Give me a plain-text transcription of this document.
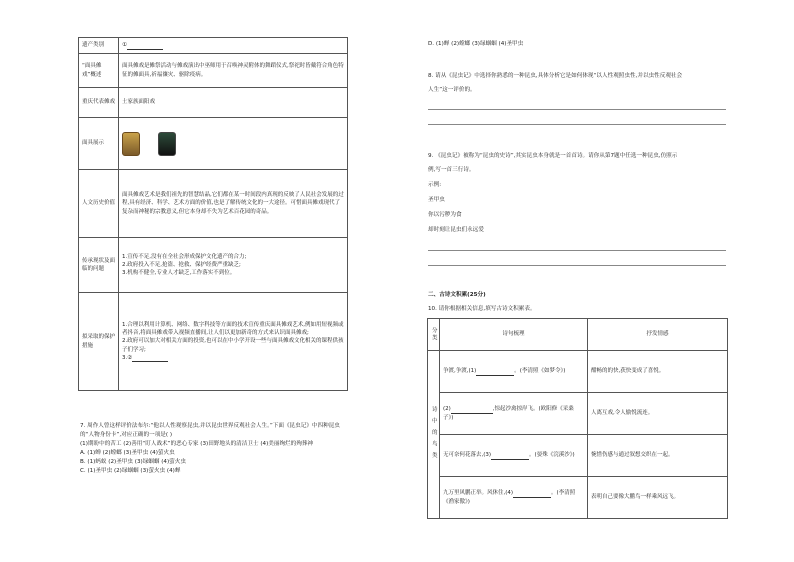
遗产类别	①
“面具傩戏”概述	面具傩戏是傩祭活动与傩戏演出中巫师用于召唤神灵附体的舞蹈仪式,祭祀时皆戴符合角色特征的傩面具,祈福禳灾、驱除疫病。
重庆代表傩戏	土家族面阳戏
面具展示	
人文历史价值	面具傩戏艺术是我们祖先的智慧结晶,它们都在某一时间段内真现的反映了人民社会发展的过程,具有经济、科学、艺术方面的价值,也是了解传统文化的一大途径。可惜面具傩戏现代了复杂而神秘的宗教意义,但它本身却不失为艺术百花园的奇品。
传承现状及面临的问题	1.宣传不足,没有在全社会形成保护文化遗产的合力;
2.政府投入不足,抢盗、抢救、保护经费严重缺乏;
3.机构不健全,专业人才缺乏,工作落实不到位。
拟采取的保护措施	1.合理以利用计算机、网络、数字科技等方面的技术宣传重庆面具傩戏艺术,例如用短视频或者抖音,将面具傩戏带入视频直播间,让人们以更加新奇的方式来认识面具傩戏;
2.政府可以加大对相关方面的投资,也可以在中小学开设一些与面具傩戏文化相关的课程供孩子们学习;
3.②
7. 周作人曾这样评价法布尔:“他以人性观察昆虫,并以昆虫世界反观社会人生。”下面《昆虫记》中四种昆虫的“人物身份卡”,对应正确的一项是( )
(1)期盼中的苦工 (2)善用“盯人战术”的恶心专家 (3)田野地头的清洁卫士 (4)美丽绚烂的殉葬神
A. (1)蝉 (2)螳螂 (3)圣甲虫 (4)萤火虫
B. (1)蚂蚁 (2)圣甲虫 (3)绿蝈蝈 (4)萤火虫
C. (1)圣甲虫 (2)绿蝈蝈 (3)萤火虫 (4)蝉
D. (1)蝉 (2)螳螂 (3)绿蝈蝈 (4)圣甲虫
8. 请从《昆虫记》中选择你熟悉的一种昆虫,具体分析它是如何体现“以人性观照虫性,并以虫性反观社会
人生”这一评价的。
9. 《昆虫记》被称为“昆虫的史诗”,其实昆虫本身就是一首首诗。请你从第7题中任选一种昆虫,仿照示
例,写一首三行诗。
示例:
圣甲虫
你以污秽为食
却时刻让昆虫们永远爱
二、古诗文积累(25分)
10. 请你根据相关信息,填写古诗文积累表。
分类	诗句梳理	抒发情感
诗中的鸟类	争渡,争渡,(1) 。(李清照《如梦令》)	酣畅的的快,获快变成了喜悦。
	(2) ,惊起沙禽掠岸飞。(欧阳修《采桑子》)	人离互戏,令人愉悦流连。
	无可奈何花落去,(3) 。(晏殊《浣溪沙》)	惋惜伤感与通过叙想交织在一起。
	九万里风鹏正举。风休住,(4) 。(李清照《渔家傲》)	表明自己要像大鹏鸟一样乘风远飞。
